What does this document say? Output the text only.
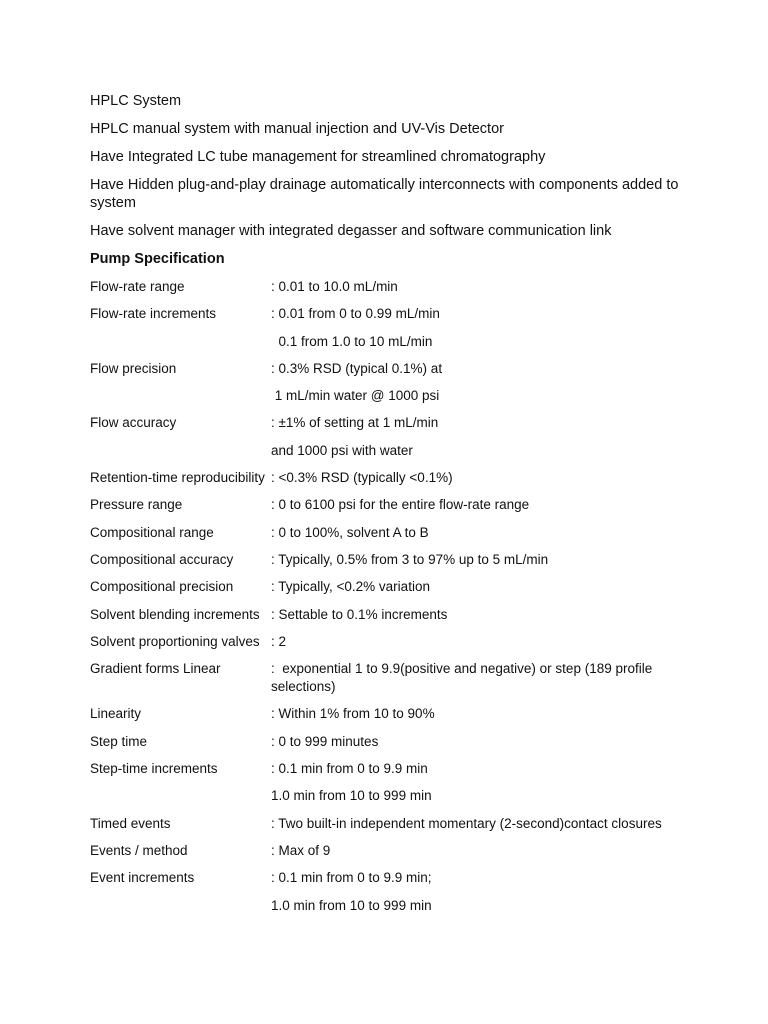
HPLC System

HPLC manual system with manual injection and UV-Vis Detector

Have Integrated LC tube management for streamlined chromatography

Have Hidden plug-and-play drainage automatically interconnects with components added to system

Have solvent manager with integrated degasser and software communication link

Pump Specification
Flow-rate range	: 0.01 to 10.0 mL/min
Flow-rate increments	: 0.01 from 0 to 0.99 mL/min
0.1 from 1.0 to 10 mL/min
Flow precision	: 0.3% RSD (typical 0.1%) at
1 mL/min water @ 1000 psi
Flow accuracy	: ±1% of setting at 1 mL/min
and 1000 psi with water
Retention-time reproducibility : <0.3% RSD (typically <0.1%)
Pressure range	: 0 to 6100 psi for the entire flow-rate range
Compositional range	: 0 to 100%, solvent A to B
Compositional accuracy	: Typically, 0.5% from 3 to 97% up to 5 mL/min
Compositional precision	: Typically, <0.2% variation
Solvent blending increments : Settable to 0.1% increments
Solvent proportioning valves : 2
Gradient forms Linear	:  exponential 1 to 9.9(positive and negative) or step (189 profile selections)
Linearity	: Within 1% from 10 to 90%
Step time	: 0 to 999 minutes
Step-time increments	: 0.1 min from 0 to 9.9 min
1.0 min from 10 to 999 min
Timed events	: Two built-in independent momentary (2-second)contact closures
Events / method	: Max of 9
Event increments	: 0.1 min from 0 to 9.9 min;
1.0 min from 10 to 999 min
